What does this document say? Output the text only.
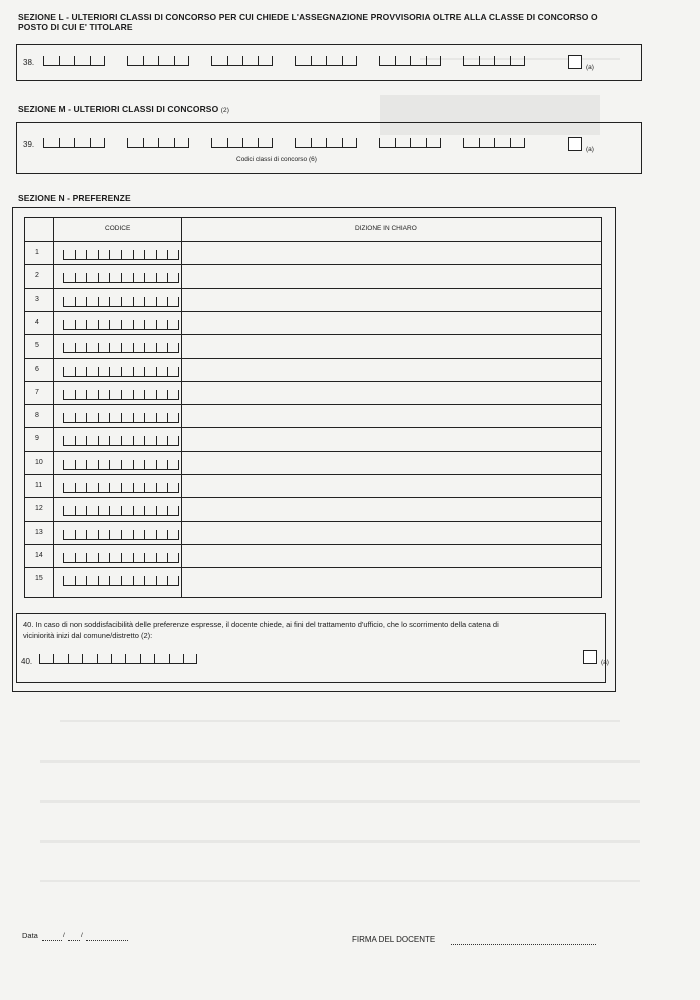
SEZIONE L - ULTERIORI CLASSI DI CONCORSO PER CUI CHIEDE L'ASSEGNAZIONE PROVVISORIA OLTRE ALLA CLASSE DI CONCORSO O POSTO DI CUI E' TITOLARE
38.
(a)
SEZIONE M - ULTERIORI CLASSI DI CONCORSO (2)
39.
Codici classi di concorso (6)
(a)
SEZIONE N - PREFERENZE
CODICE	DIZIONE IN CHIARO
1
2
3
4
5
6
7
8
9
10
11
12
13
14
15
40. In caso di non soddisfacibilità delle preferenze espresse, il docente chiede, ai fini del trattamento d'ufficio, che lo scorrimento della catena di viciniorità inizi dal comune/distretto (2):
40.	(a)
Data	/ /	FIRMA DEL DOCENTE
